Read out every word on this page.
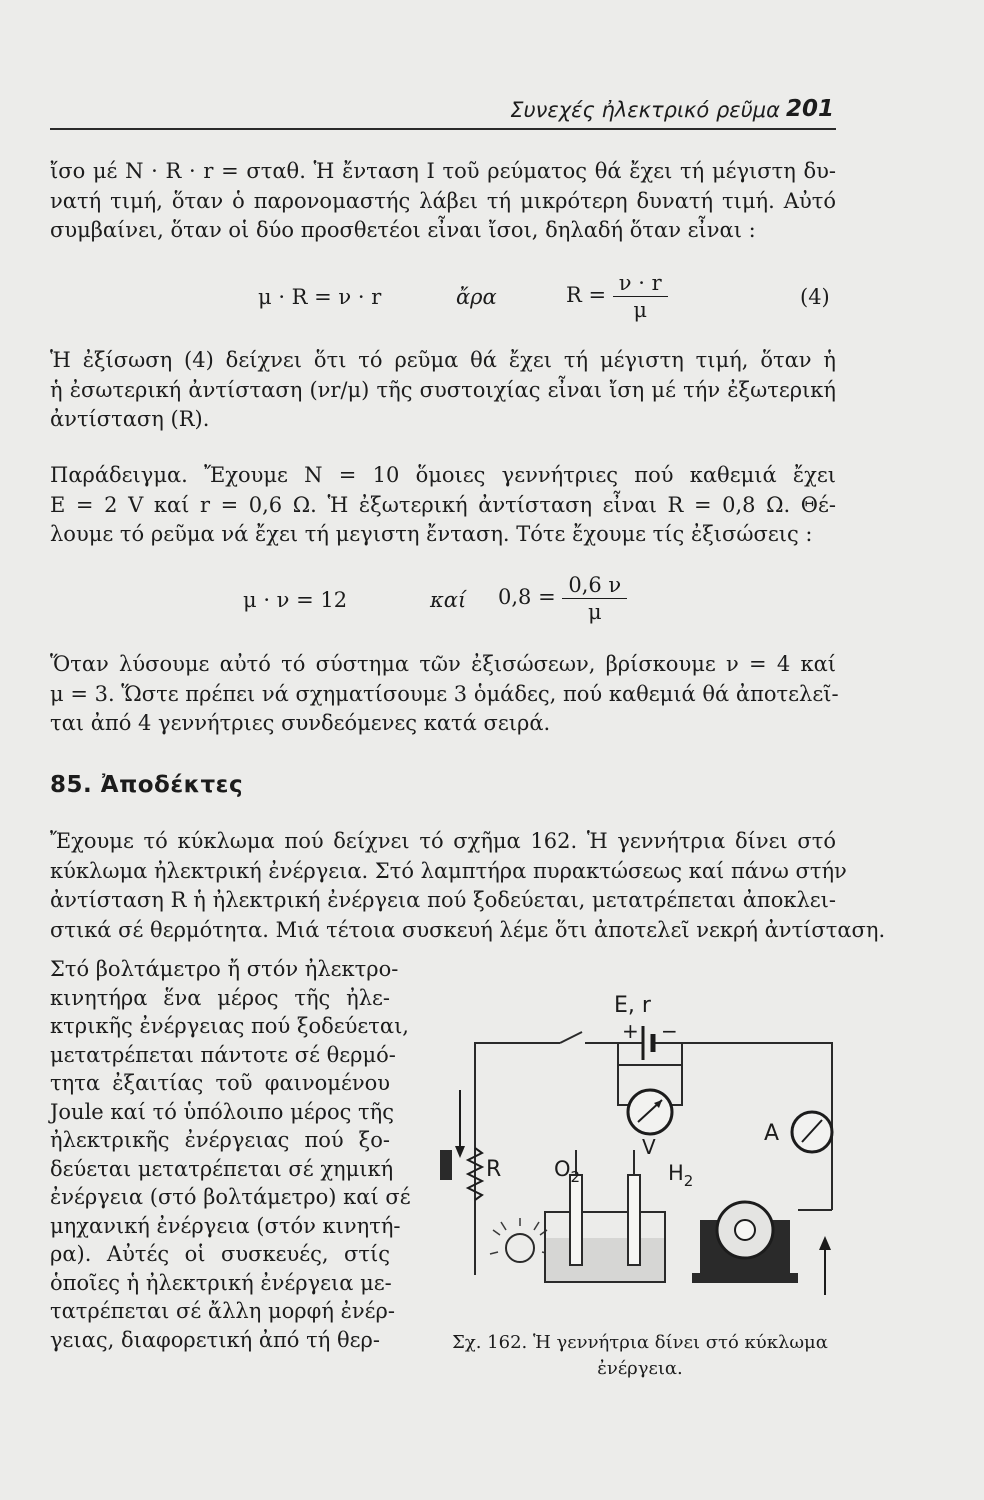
Συνεχές ἠλεκτρικό ρεῦμα 201
ἴσο μέ N · R · r = σταθ. Ἡ ἔνταση I τοῦ ρεύματος θά ἔχει τή μέγιστη δυ-
νατή τιμή, ὅταν ὁ παρονομαστής λάβει τή μικρότερη δυνατή τιμή. Αὐτό
συμβαίνει, ὅταν οἱ δύο προσθετέοι εἶναι ἴσοι, δηλαδή ὅταν εἶναι :
μ · R = ν · r	ἄρα	$R = \frac{\nu \cdot r}{\mu}$	(4)
Ἡ ἐξίσωση (4) δείχνει ὅτι τό ρεῦμα θά ἔχει τή μέγιστη τιμή, ὅταν ἡ
ἡ ἐσωτερική ἀντίσταση (νr/μ) τῆς συστοιχίας εἶναι ἴση μέ τήν ἐξωτερική
ἀντίσταση (R).
Παράδειγμα. Ἔχουμε N = 10 ὅμοιες γεννήτριες πού καθεμιά ἔχει
E = 2 V καί r = 0,6 Ω. Ἡ ἐξωτερική ἀντίσταση εἶναι R = 0,8 Ω. Θέ-
λουμε τό ρεῦμα νά ἔχει τή μεγιστη ἔνταση. Τότε ἔχουμε τίς ἐξισώσεις :
μ · ν = 12	καί $0,8 = \frac{0,6 \nu}{\mu}$
Ὅταν λύσουμε αὐτό τό σύστημα τῶν ἐξισώσεων, βρίσκουμε ν = 4 καί
μ = 3. Ὥστε πρέπει νά σχηματίσουμε 3 ὁμάδες, πού καθεμιά θά ἀποτελεῖ-
ται ἀπό 4 γεννήτριες συνδεόμενες κατά σειρά.
85. Ἀποδέκτες
Ἔχουμε τό κύκλωμα πού δείχνει τό σχῆμα 162. Ἡ γεννήτρια δίνει στό
κύκλωμα ἠλεκτρική ἐνέργεια. Στό λαμπτήρα πυρακτώσεως καί πάνω στήν
ἀντίσταση R ἡ ἠλεκτρική ἐνέργεια πού ξοδεύεται, μετατρέπεται ἀποκλει-
στικά σέ θερμότητα. Μιά τέτοια συσκευή λέμε ὅτι ἀποτελεῖ νεκρή ἀντίσταση.
Στό βολτάμετρο ἤ στόν ἠλεκτρο-
κινητήρα ἕνα μέρος τῆς ἠλε-
κτρικῆς ἐνέργειας πού ξοδεύεται,
μετατρέπεται πάντοτε σέ θερμό-
τητα ἐξαιτίας τοῦ φαινομένου
Joule καί τό ὑπόλοιπο μέρος τῆς
ἠλεκτρικῆς ἐνέργειας πού ξο-
δεύεται μετατρέπεται σέ χημική
ἐνέργεια (στό βολτάμετρο) καί σέ
μηχανική ἐνέργεια (στόν κινητή-
ρα). Αὐτές οἱ συσκευές, στίς
ὁποῖες ἡ ἠλεκτρική ἐνέργεια με-
τατρέπεται σέ ἄλλη μορφή ἐνέρ-
γειας, διαφορετική ἀπό τή θερ-
E, r
+ −
V
A
R	$O_2$	$H_2$
Σχ. 162. Ἡ γεννήτρια δίνει στό κύκλωμα
ἐνέργεια.
